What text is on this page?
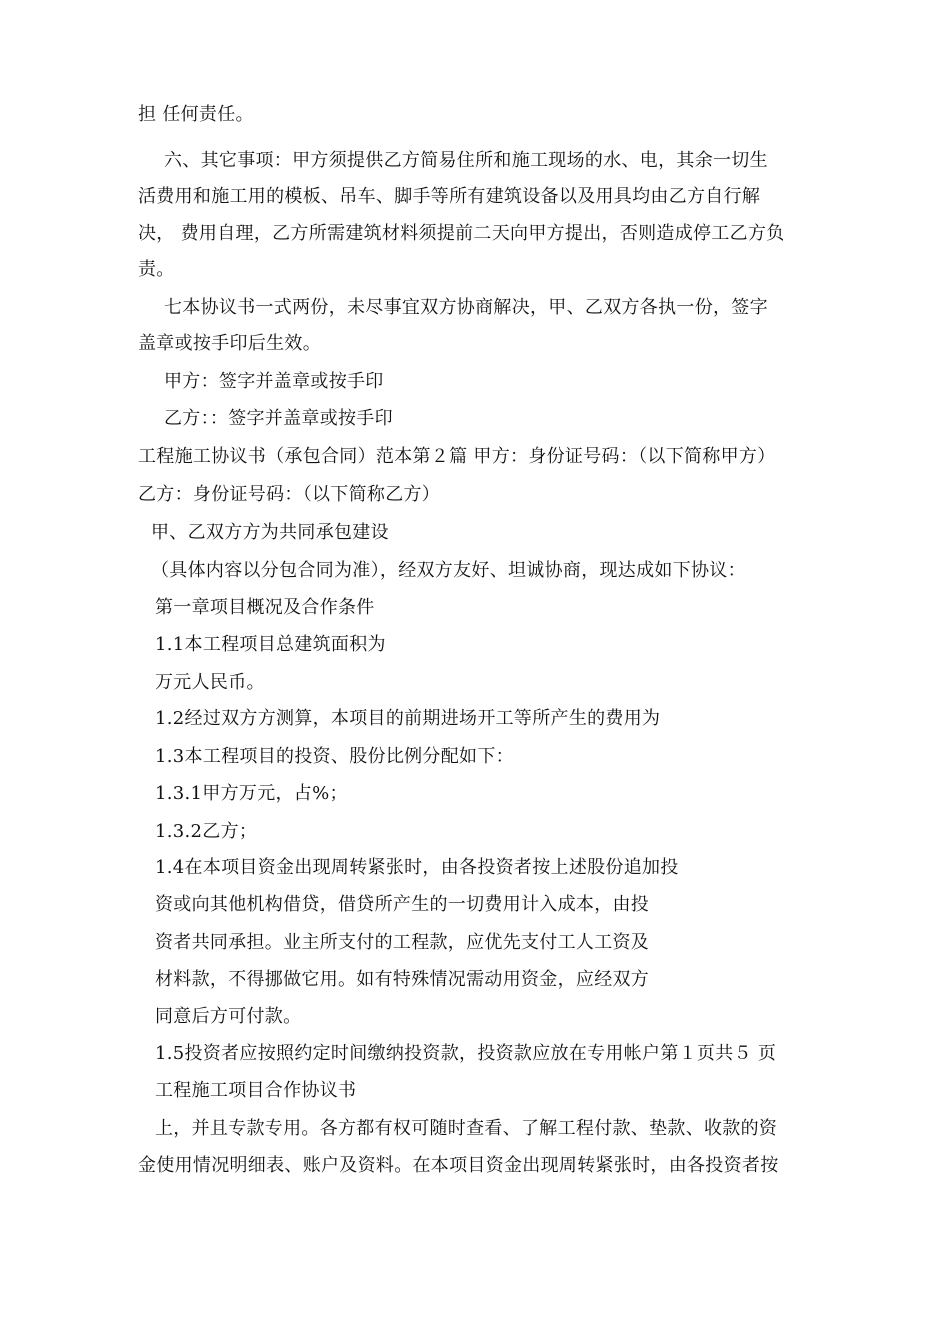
担 任何责任。
六、其它事项：甲方须提供乙方简易住所和施工现场的水、电，其余一切生
活费用和施工用的模板、吊车、脚手等所有建筑设备以及用具均由乙方自行解
决， 费用自理，乙方所需建筑材料须提前二天向甲方提出，否则造成停工乙方负
责。
七本协议书一式两份，未尽事宜双方协商解决，甲、乙双方各执一份，签字
盖章或按手印后生效。
甲方：签字并盖章或按手印
乙方：：签字并盖章或按手印
工程施工协议书（承包合同）范本第２篇 甲方：身份证号码：（以下简称甲方）
乙方：身份证号码：（以下简称乙方）
甲、乙双方方为共同承包建设
（具体内容以分包合同为准），经双方友好、坦诚协商，现达成如下协议：
第一章项目概况及合作条件
1.1本工程项目总建筑面积为
万元人民币。
1.2经过双方方测算，本项目的前期进场开工等所产生的费用为
1.3本工程项目的投资、股份比例分配如下：
1.3.1甲方万元，占%；
1.3.2乙方；
1.4在本项目资金出现周转紧张时，由各投资者按上述股份追加投
资或向其他机构借贷，借贷所产生的一切费用计入成本，由投
资者共同承担。业主所支付的工程款，应优先支付工人工资及
材料款，不得挪做它用。如有特殊情况需动用资金，应经双方
同意后方可付款。
1.5投资者应按照约定时间缴纳投资款，投资款应放在专用帐户第１页共５ 页
工程施工项目合作协议书
上，并且专款专用。各方都有权可随时查看、了解工程付款、垫款、收款的资
金使用情况明细表、账户及资料。在本项目资金出现周转紧张时，由各投资者按
